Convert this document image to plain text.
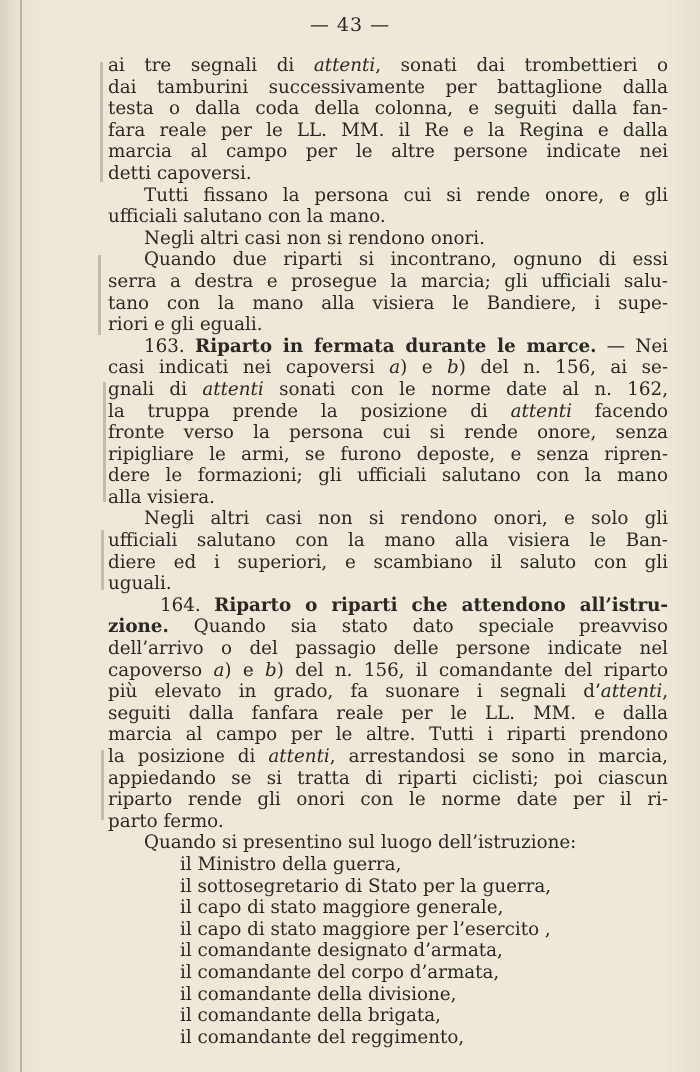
— 43 —
ai tre segnali di attenti, sonati dai trombettieri o
dai tamburini successivamente per battaglione dalla
testa o dalla coda della colonna, e seguiti dalla fan-
fara reale per le LL. MM. il Re e la Regina e dalla
marcia al campo per le altre persone indicate nei
detti capoversi.
Tutti fissano la persona cui si rende onore, e gli
ufficiali salutano con la mano.
Negli altri casi non si rendono onori.
Quando due riparti si incontrano, ognuno di essi
serra a destra e prosegue la marcia; gli ufficiali salu-
tano con la mano alla visiera le Bandiere, i supe-
riori e gli eguali.
163. Riparto in fermata durante le marce. — Nei
casi indicati nei capoversi a) e b) del n. 156, ai se-
gnali di attenti sonati con le norme date al n. 162,
la truppa prende la posizione di attenti facendo
fronte verso la persona cui si rende onore, senza
ripigliare le armi, se furono deposte, e senza ripren-
dere le formazioni; gli ufficiali salutano con la mano
alla visiera.
Negli altri casi non si rendono onori, e solo gli
ufficiali salutano con la mano alla visiera le Ban-
diere ed i superiori, e scambiano il saluto con gli
uguali.
164. Riparto o riparti che attendono all’istru-
zione. Quando sia stato dato speciale preavviso
dell’arrivo o del passagio delle persone indicate nel
capoverso a) e b) del n. 156, il comandante del riparto
più elevato in grado, fa suonare i segnali d’attenti,
seguiti dalla fanfara reale per le LL. MM. e dalla
marcia al campo per le altre. Tutti i riparti prendono
la posizione di attenti, arrestandosi se sono in marcia,
appiedando se si tratta di riparti ciclisti; poi ciascun
riparto rende gli onori con le norme date per il ri-
parto fermo.
Quando si presentino sul luogo dell’istruzione:
il Ministro della guerra,
il sottosegretario di Stato per la guerra,
il capo di stato maggiore generale,
il capo di stato maggiore per l’esercito ,
il comandante designato d’armata,
il comandante del corpo d’armata,
il comandante della divisione,
il comandante della brigata,
il comandante del reggimento,
